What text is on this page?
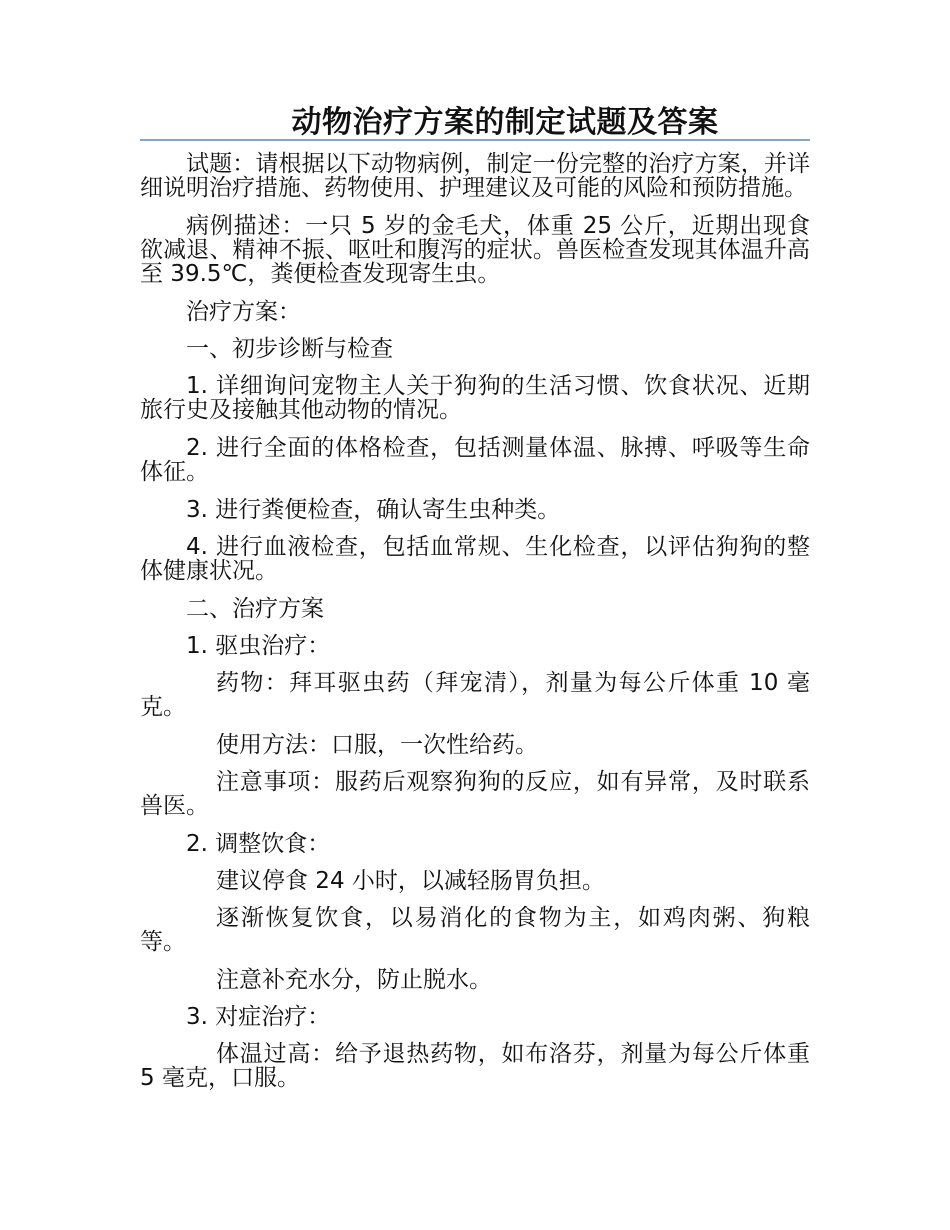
动物治疗方案的制定试题及答案

试题：请根据以下动物病例，制定一份完整的治疗方案，并详细说明治疗措施、药物使用、护理建议及可能的风险和预防措施。

病例描述：一只 5 岁的金毛犬，体重 25 公斤，近期出现食欲减退、精神不振、呕吐和腹泻的症状。兽医检查发现其体温升高至 39.5℃，粪便检查发现寄生虫。

治疗方案：

一、初步诊断与检查

1. 详细询问宠物主人关于狗狗的生活习惯、饮食状况、近期旅行史及接触其他动物的情况。

2. 进行全面的体格检查，包括测量体温、脉搏、呼吸等生命体征。

3. 进行粪便检查，确认寄生虫种类。

4. 进行血液检查，包括血常规、生化检查，以评估狗狗的整体健康状况。

二、治疗方案

1. 驱虫治疗：

药物：拜耳驱虫药（拜宠清），剂量为每公斤体重 10 毫克。

使用方法：口服，一次性给药。

注意事项：服药后观察狗狗的反应，如有异常，及时联系兽医。

2. 调整饮食：

建议停食 24 小时，以减轻肠胃负担。

逐渐恢复饮食，以易消化的食物为主，如鸡肉粥、狗粮等。

注意补充水分，防止脱水。

3. 对症治疗：

体温过高：给予退热药物，如布洛芬，剂量为每公斤体重 5 毫克，口服。
